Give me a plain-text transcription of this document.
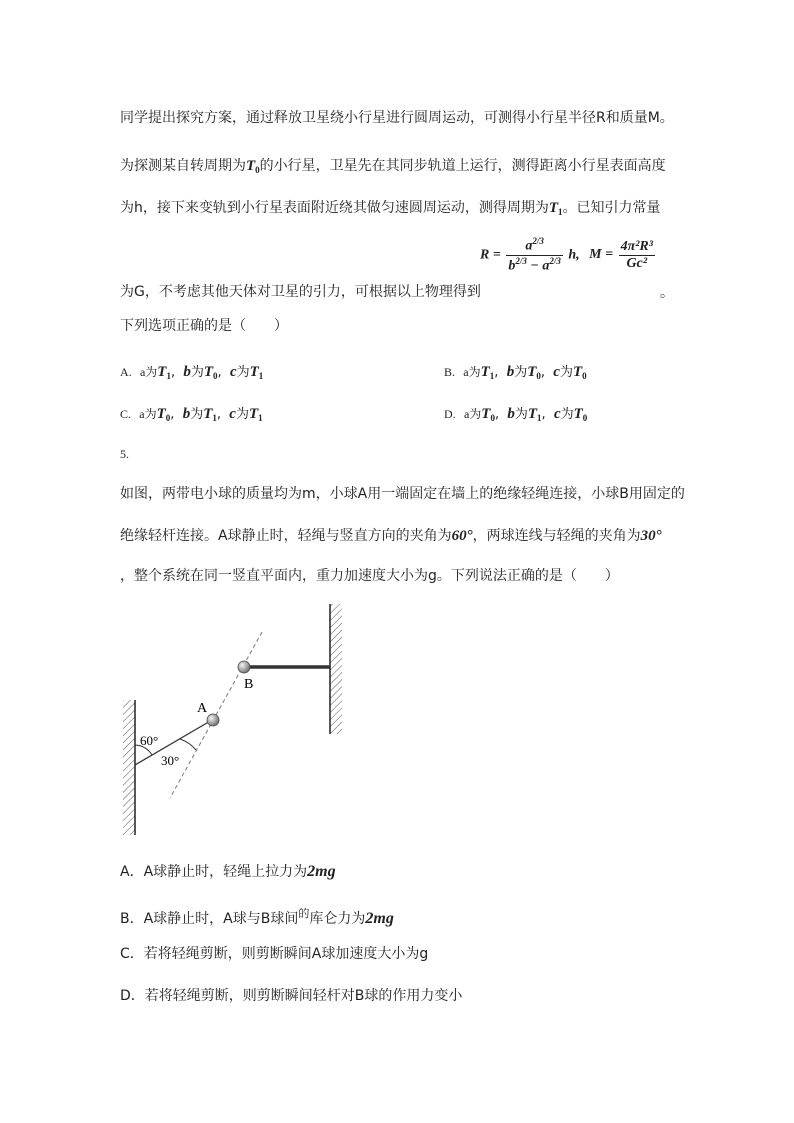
同学提出探究方案，通过释放卫星绕小行星进行圆周运动，可测得小行星半径R和质量M。
为探测某自转周期为$T_0$的小行星，卫星先在其同步轨道上运行，测得距离小行星表面高度
为h，接下来变轨到小行星表面附近绕其做匀速圆周运动，测得周期为$T_1$。已知引力常量
$R = \frac{a^{2/3}}{b^{2/3} - a^{2/3}} h$, $M = \frac{\text{4π²R³}}{\text{Gc²}}$
为G，不考虑其他天体对卫星的引力，可根据以上物理得到	。
下列选项正确的是（　　）
A. a为$T_1$, b为$T_0$, c为$T_1$	B. a为$T_1$, b为$T_0$, c为$T_0$
C. a为$T_0$, b为$T_1$, c为$T_1$	D. a为$T_0$, b为$T_1$, c为$T_0$
5.
如图，两带电小球的质量均为m，小球A用一端固定在墙上的绝缘轻绳连接，小球B用固定的
绝缘轻杆连接。A球静止时，轻绳与竖直方向的夹角为60°，两球连线与轻绳的夹角为30°
，整个系统在同一竖直平面内，重力加速度大小为g。下列说法正确的是（　　）
A
B
60°
30°
A．A球静止时，轻绳上拉力为2mg
B．A球静止时，A球与B球间$^的$库仑力为2mg
C．若将轻绳剪断，则剪断瞬间A球加速度大小为g
D．若将轻绳剪断，则剪断瞬间轻杆对B球的作用力变小
